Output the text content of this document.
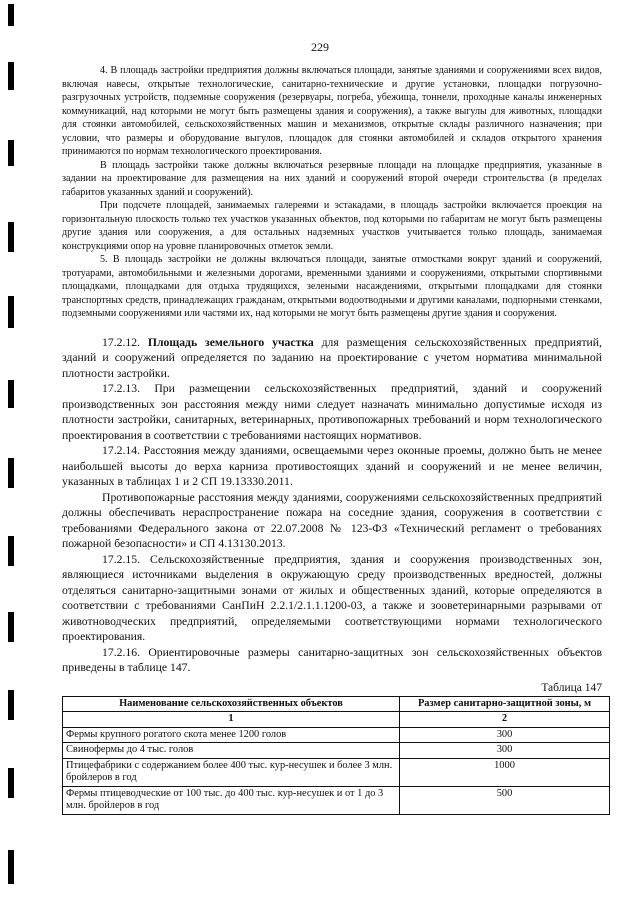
229

4. В площадь застройки предприятия должны включаться площади, занятые зданиями и сооружениями всех видов, включая навесы, открытые технологические, санитарно-технические и другие установки, площадки погрузочно-разгрузочных устройств, подземные сооружения (резервуары, погреба, убежища, тоннели, проходные каналы инженерных коммуникаций, над которыми не могут быть размещены здания и сооружения), а также выгулы для животных, площадки для стоянки автомобилей, сельскохозяйственных машин и механизмов, открытые склады различного назначения; при условии, что размеры и оборудование выгулов, площадок для стоянки автомобилей и складов открытого хранения принимаются по нормам технологического проектирования.

В площадь застройки также должны включаться резервные площади на площадке предприятия, указанные в задании на проектирование для размещения на них зданий и сооружений второй очереди строительства (в пределах габаритов указанных зданий и сооружений).

При подсчете площадей, занимаемых галереями и эстакадами, в площадь застройки включается проекция на горизонтальную плоскость только тех участков указанных объектов, под которыми по габаритам не могут быть размещены другие здания или сооружения, а для остальных надземных участков учитывается только площадь, занимаемая конструкциями опор на уровне планировочных отметок земли.

5. В площадь застройки не должны включаться площади, занятые отмостками вокруг зданий и сооружений, тротуарами, автомобильными и железными дорогами, временными зданиями и сооружениями, открытыми спортивными площадками, площадками для отдыха трудящихся, зелеными насаждениями, открытыми площадками для стоянки транспортных средств, принадлежащих гражданам, открытыми водоотводными и другими каналами, подпорными стенками, подземными сооружениями или частями их, над которыми не могут быть размещены другие здания и сооружения.

17.2.12. Площадь земельного участка для размещения сельскохозяйственных предприятий, зданий и сооружений определяется по заданию на проектирование с учетом норматива минимальной плотности застройки.

17.2.13. При размещении сельскохозяйственных предприятий, зданий и сооружений производственных зон расстояния между ними следует назначать минимально допустимые исходя из плотности застройки, санитарных, ветеринарных, противопожарных требований и норм технологического проектирования в соответствии с требованиями настоящих нормативов.

17.2.14. Расстояния между зданиями, освещаемыми через оконные проемы, должно быть не менее наибольшей высоты до верха карниза противостоящих зданий и сооружений и не менее величин, указанных в таблицах 1 и 2 СП 19.13330.2011.

Противопожарные расстояния между зданиями, сооружениями сельскохозяйственных предприятий должны обеспечивать нераспространение пожара на соседние здания, сооружения в соответствии с требованиями Федерального закона от 22.07.2008 № 123-ФЗ «Технический регламент о требованиях пожарной безопасности» и СП 4.13130.2013.

17.2.15. Сельскохозяйственные предприятия, здания и сооружения производственных зон, являющиеся источниками выделения в окружающую среду производственных вредностей, должны отделяться санитарно-защитными зонами от жилых и общественных зданий, которые определяются в соответствии с требованиями СанПиН 2.2.1/2.1.1.1200-03, а также и зооветеринарными разрывами от животноводческих предприятий, определяемыми соответствующими нормами технологического проектирования.

17.2.16. Ориентировочные размеры санитарно-защитных зон сельскохозяйственных объектов приведены в таблице 147.

Таблица 147
Наименование сельскохозяйственных объектов	Размер санитарно-защитной зоны, м
1	2
Фермы крупного рогатого скота менее 1200 голов	300
Свинофермы до 4 тыс. голов	300
Птицефабрики с содержанием более 400 тыс. кур-несушек и более 3 млн. бройлеров в год	1000
Фермы птицеводческие от 100 тыс. до 400 тыс. кур-несушек и от 1 до 3 млн. бройлеров в год	500
